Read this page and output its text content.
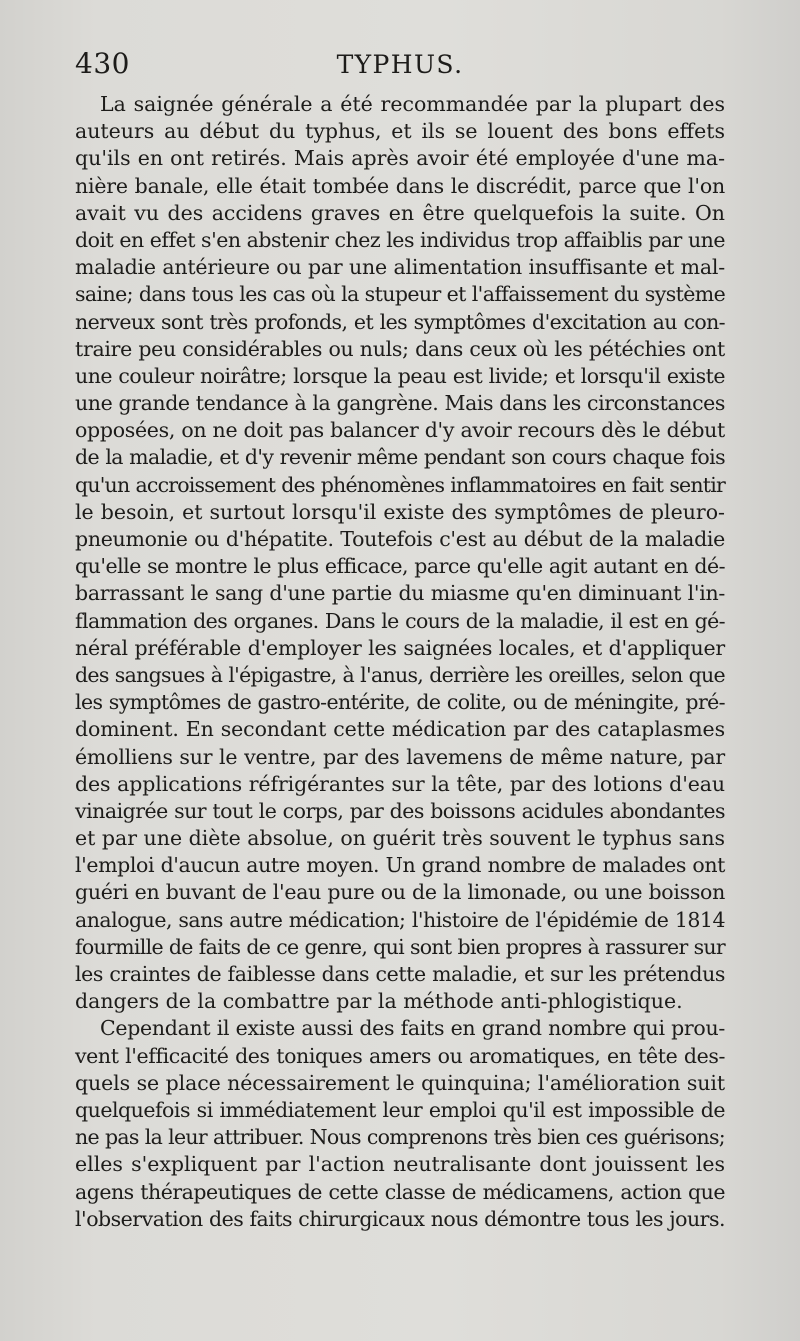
430	TYPHUS.
La saignée générale a été recommandée par la plupart des
auteurs au début du typhus, et ils se louent des bons effets
qu'ils en ont retirés. Mais après avoir été employée d'une ma-
nière banale, elle était tombée dans le discrédit, parce que l'on
avait vu des accidens graves en être quelquefois la suite. On
doit en effet s'en abstenir chez les individus trop affaiblis par une
maladie antérieure ou par une alimentation insuffisante et mal-
saine; dans tous les cas où la stupeur et l'affaissement du système
nerveux sont très profonds, et les symptômes d'excitation au con-
traire peu considérables ou nuls; dans ceux où les pétéchies ont
une couleur noirâtre; lorsque la peau est livide; et lorsqu'il existe
une grande tendance à la gangrène. Mais dans les circonstances
opposées, on ne doit pas balancer d'y avoir recours dès le début
de la maladie, et d'y revenir même pendant son cours chaque fois
qu'un accroissement des phénomènes inflammatoires en fait sentir
le besoin, et surtout lorsqu'il existe des symptômes de pleuro-
pneumonie ou d'hépatite. Toutefois c'est au début de la maladie
qu'elle se montre le plus efficace, parce qu'elle agit autant en dé-
barrassant le sang d'une partie du miasme qu'en diminuant l'in-
flammation des organes. Dans le cours de la maladie, il est en gé-
néral préférable d'employer les saignées locales, et d'appliquer
des sangsues à l'épigastre, à l'anus, derrière les oreilles, selon que
les symptômes de gastro-entérite, de colite, ou de méningite, pré-
dominent. En secondant cette médication par des cataplasmes
émolliens sur le ventre, par des lavemens de même nature, par
des applications réfrigérantes sur la tête, par des lotions d'eau
vinaigrée sur tout le corps, par des boissons acidules abondantes
et par une diète absolue, on guérit très souvent le typhus sans
l'emploi d'aucun autre moyen. Un grand nombre de malades ont
guéri en buvant de l'eau pure ou de la limonade, ou une boisson
analogue, sans autre médication; l'histoire de l'épidémie de 1814
fourmille de faits de ce genre, qui sont bien propres à rassurer sur
les craintes de faiblesse dans cette maladie, et sur les prétendus
dangers de la combattre par la méthode anti-phlogistique.
Cependant il existe aussi des faits en grand nombre qui prou-
vent l'efficacité des toniques amers ou aromatiques, en tête des-
quels se place nécessairement le quinquina; l'amélioration suit
quelquefois si immédiatement leur emploi qu'il est impossible de
ne pas la leur attribuer. Nous comprenons très bien ces guérisons;
elles s'expliquent par l'action neutralisante dont jouissent les
agens thérapeutiques de cette classe de médicamens, action que
l'observation des faits chirurgicaux nous démontre tous les jours.
